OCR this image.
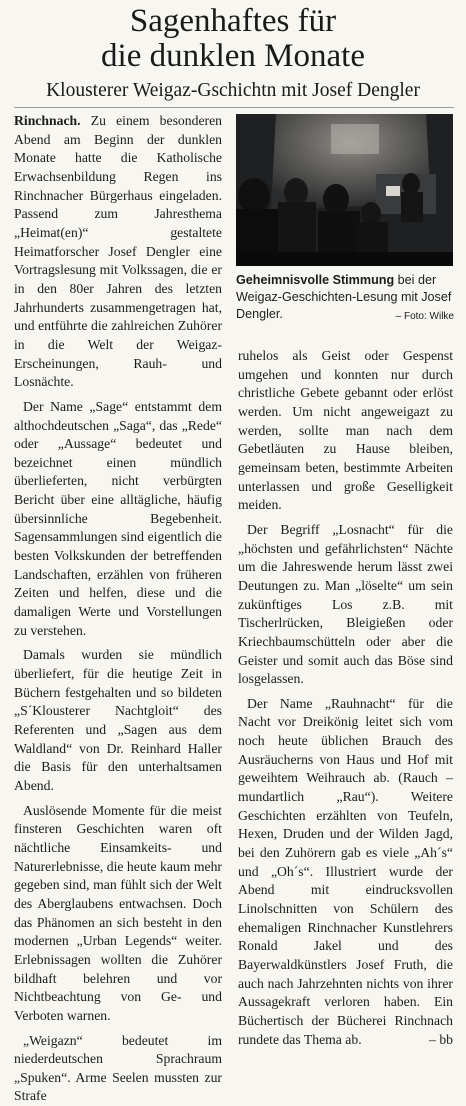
Sagenhaftes für
die dunklen Monate
Klousterer Weigaz-Gschichtn mit Josef Dengler

Rinchnach. Zu einem besonderen Abend am Beginn der dunklen Monate hatte die Katholische Erwachsenbildung Regen ins Rinchnacher Bürgerhaus eingeladen. Passend zum Jahresthema „Heimat(en)“ gestaltete Heimatforscher Josef Dengler eine Vortragslesung mit Volkssagen, die er in den 80er Jahren des letzten Jahrhunderts zusammengetragen hat, und entführte die zahlreichen Zuhörer in die Welt der Weigaz-Erscheinungen, Rauh- und Losnächte.

Der Name „Sage“ entstammt dem althochdeutschen „Saga“, das „Rede“ oder „Aussage“ bedeutet und bezeichnet einen mündlich überlieferten, nicht verbürgten Bericht über eine alltägliche, häufig übersinnliche Begebenheit. Sagensammlungen sind eigentlich die besten Volkskunden der betreffenden Landschaften, erzählen von früheren Zeiten und helfen, diese und die damaligen Werte und Vorstellungen zu verstehen.

Damals wurden sie mündlich überliefert, für die heutige Zeit in Büchern festgehalten und so bildeten „S´Klousterer Nachtgloit“ des Referenten und „Sagen aus dem Waldland“ von Dr. Reinhard Haller die Basis für den unterhaltsamen Abend.

Auslösende Momente für die meist finsteren Geschichten waren oft nächtliche Einsamkeits- und Naturerlebnisse, die heute kaum mehr gegeben sind, man fühlt sich der Welt des Aberglaubens entwachsen. Doch das Phänomen an sich besteht in den modernen „Urban Legends“ weiter. Erlebnissagen wollten die Zuhörer bildhaft belehren und vor Nichtbeachtung von Ge- und Verboten warnen.

„Weigazn“ bedeutet im niederdeutschen Sprachraum „Spuken“. Arme Seelen mussten zur Strafe

Geheimnisvolle Stimmung bei der Weigaz-Geschichten-Lesung mit Josef Dengler.	– Foto: Wilke

ruhelos als Geist oder Gespenst umgehen und konnten nur durch christliche Gebete gebannt oder erlöst werden. Um nicht angeweigazt zu werden, sollte man nach dem Gebetläuten zu Hause bleiben, gemeinsam beten, bestimmte Arbeiten unterlassen und große Geselligkeit meiden.

Der Begriff „Losnacht“ für die „höchsten und gefährlichsten“ Nächte um die Jahreswende herum lässt zwei Deutungen zu. Man „löselte“ um sein zukünftiges Los z.B. mit Tischerlrücken, Bleigießen oder Kriechbaumschütteln oder aber die Geister und somit auch das Böse sind losgelassen.

Der Name „Rauhnacht“ für die Nacht vor Dreikönig leitet sich vom noch heute üblichen Brauch des Ausräucherns von Haus und Hof mit geweihtem Weihrauch ab. (Rauch – mundartlich „Rau“). Weitere Geschichten erzählten von Teufeln, Hexen, Druden und der Wilden Jagd, bei den Zuhörern gab es viele „Ah´s“ und „Oh´s“. Illustriert wurde der Abend mit eindrucksvollen Linolschnitten von Schülern des ehemaligen Rinchnacher Kunstlehrers Ronald Jakel und des Bayerwaldkünstlers Josef Fruth, die auch nach Jahrzehnten nichts von ihrer Aussagekraft verloren haben. Ein Büchertisch der Bücherei Rinchnach rundete das Thema ab.	– bb
